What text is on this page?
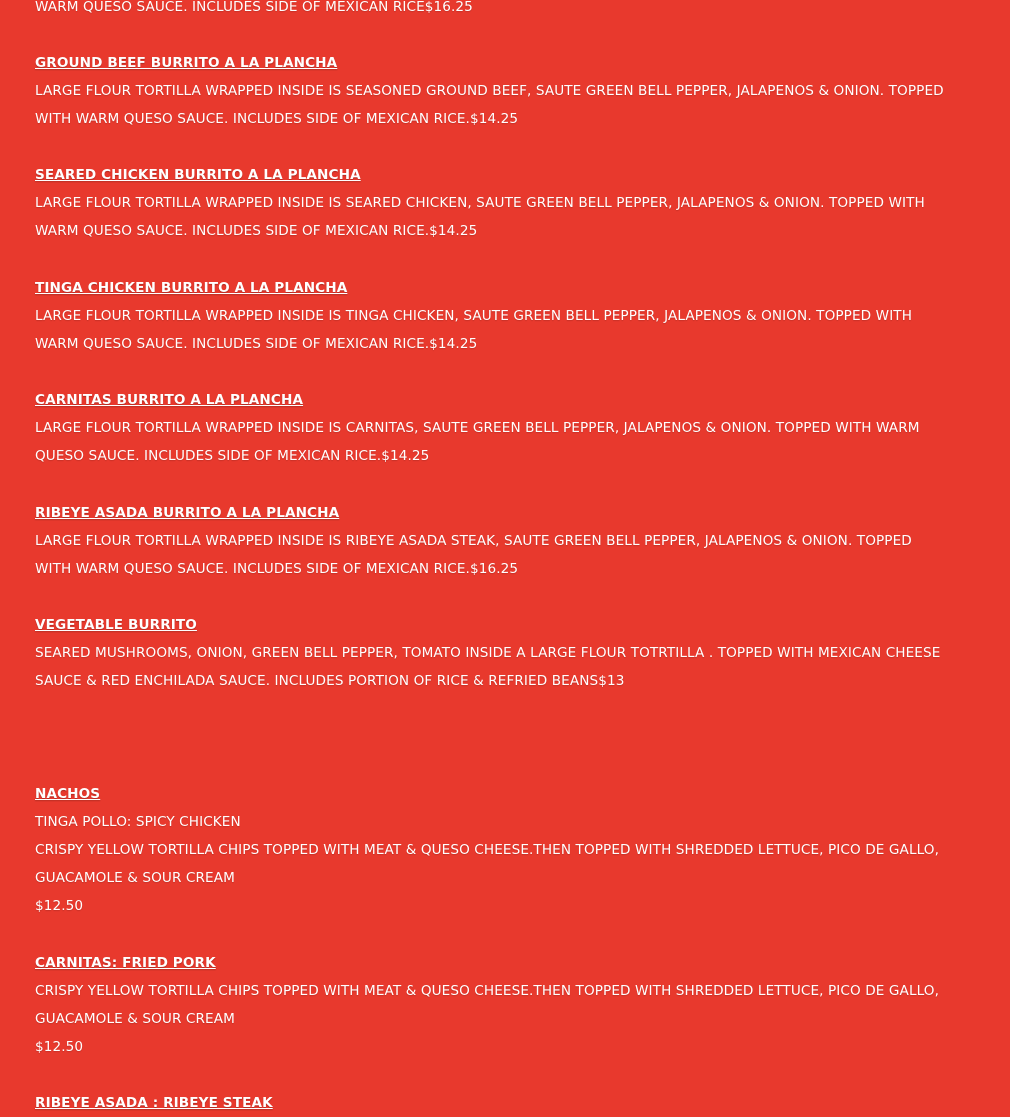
WARM QUESO SAUCE. INCLUDES SIDE OF MEXICAN RICE$16.25
GROUND BEEF BURRITO A LA PLANCHA
LARGE FLOUR TORTILLA WRAPPED INSIDE IS SEASONED GROUND BEEF, SAUTE GREEN BELL PEPPER, JALAPENOS & ONION. TOPPED
WITH WARM QUESO SAUCE. INCLUDES SIDE OF MEXICAN RICE.$14.25
SEARED CHICKEN BURRITO A LA PLANCHA
LARGE FLOUR TORTILLA WRAPPED INSIDE IS SEARED CHICKEN, SAUTE GREEN BELL PEPPER, JALAPENOS & ONION. TOPPED WITH
WARM QUESO SAUCE. INCLUDES SIDE OF MEXICAN RICE.$14.25
TINGA CHICKEN BURRITO A LA PLANCHA
LARGE FLOUR TORTILLA WRAPPED INSIDE IS TINGA CHICKEN, SAUTE GREEN BELL PEPPER, JALAPENOS & ONION. TOPPED WITH
WARM QUESO SAUCE. INCLUDES SIDE OF MEXICAN RICE.$14.25
CARNITAS BURRITO A LA PLANCHA
LARGE FLOUR TORTILLA WRAPPED INSIDE IS CARNITAS, SAUTE GREEN BELL PEPPER, JALAPENOS & ONION. TOPPED WITH WARM
QUESO SAUCE. INCLUDES SIDE OF MEXICAN RICE.$14.25
RIBEYE ASADA BURRITO A LA PLANCHA
LARGE FLOUR TORTILLA WRAPPED INSIDE IS RIBEYE ASADA STEAK, SAUTE GREEN BELL PEPPER, JALAPENOS & ONION. TOPPED
WITH WARM QUESO SAUCE. INCLUDES SIDE OF MEXICAN RICE.$16.25
VEGETABLE BURRITO
SEARED MUSHROOMS, ONION, GREEN BELL PEPPER, TOMATO INSIDE A LARGE FLOUR TOTRTILLA . TOPPED WITH MEXICAN CHEESE
SAUCE & RED ENCHILADA SAUCE. INCLUDES PORTION OF RICE & REFRIED BEANS$13
NACHOS
TINGA POLLO: SPICY CHICKEN
CRISPY YELLOW TORTILLA CHIPS TOPPED WITH MEAT & QUESO CHEESE.THEN TOPPED WITH SHREDDED LETTUCE, PICO DE GALLO,
GUACAMOLE & SOUR CREAM
$12.50
CARNITAS: FRIED PORK
CRISPY YELLOW TORTILLA CHIPS TOPPED WITH MEAT & QUESO CHEESE.THEN TOPPED WITH SHREDDED LETTUCE, PICO DE GALLO,
GUACAMOLE & SOUR CREAM
$12.50
RIBEYE ASADA : RIBEYE STEAK
